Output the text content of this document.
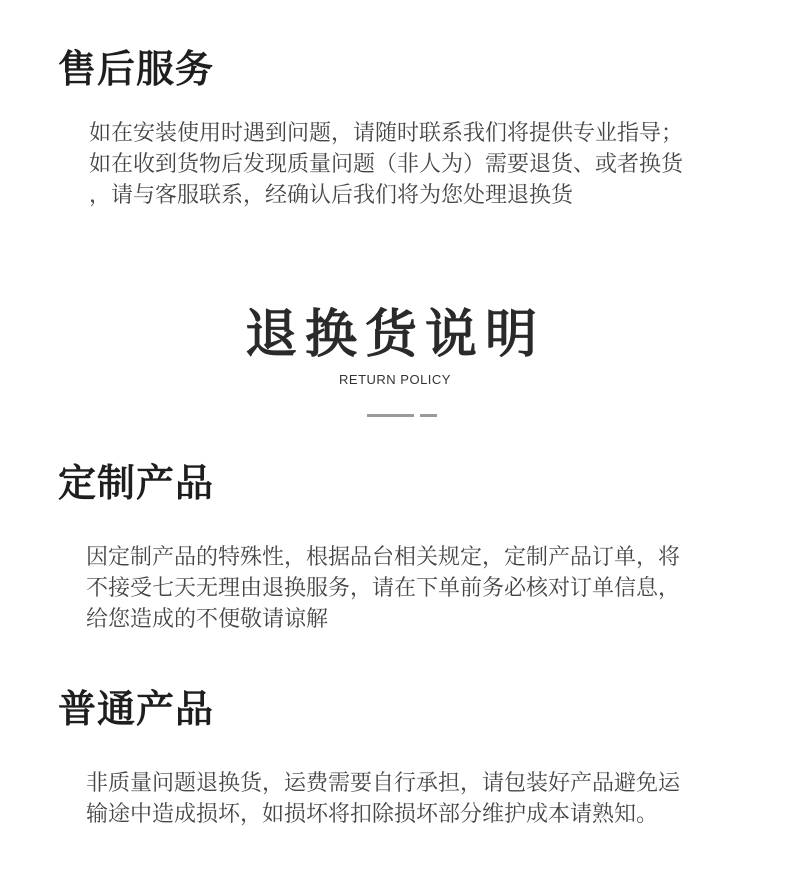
售后服务
如在安装使用时遇到问题，请随时联系我们将提供专业指导；
如在收到货物后发现质量问题（非人为）需要退货、或者换货
，请与客服联系，经确认后我们将为您处理退换货
退换货说明
RETURN POLICY
定制产品
因定制产品的特殊性，根据品台相关规定，定制产品订单，将
不接受七天无理由退换服务，请在下单前务必核对订单信息，
给您造成的不便敬请谅解
普通产品
非质量问题退换货，运费需要自行承担，请包装好产品避免运
输途中造成损坏，如损坏将扣除损坏部分维护成本请熟知。
